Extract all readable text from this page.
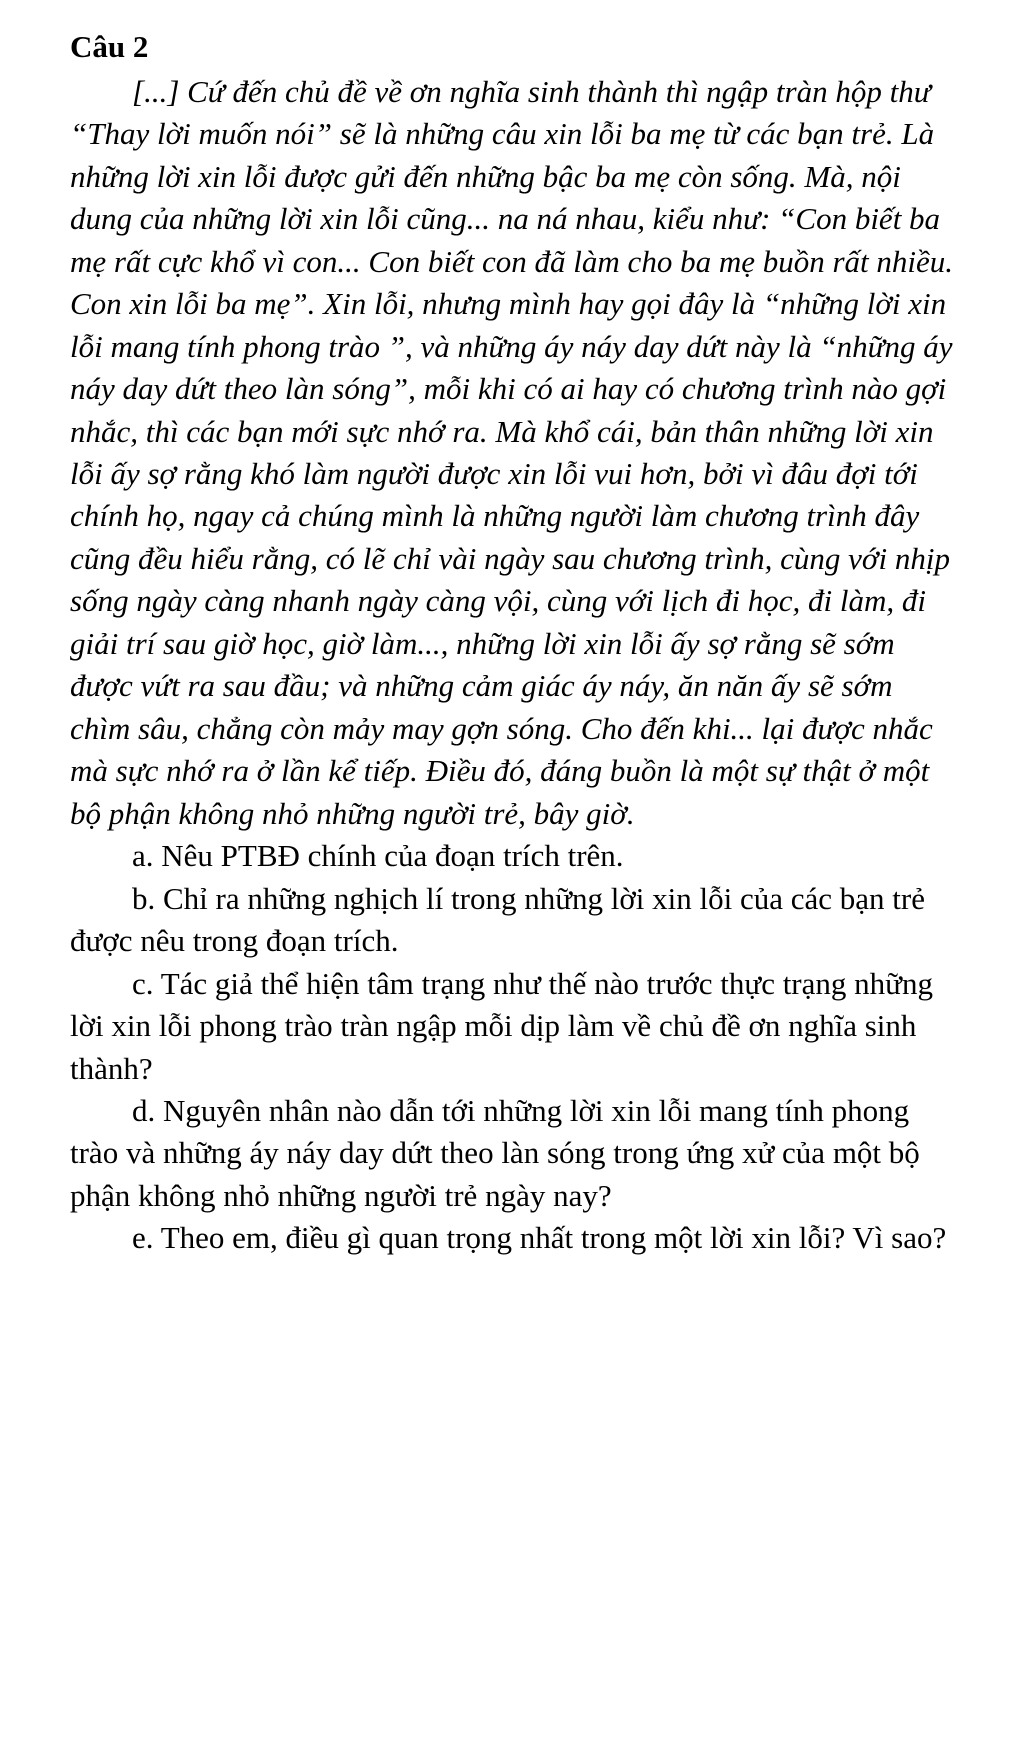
Câu 2

[...] Cứ đến chủ đề về ơn nghĩa sinh thành thì ngập tràn hộp thư “Thay lời muốn nói” sẽ là những câu xin lỗi ba mẹ từ các bạn trẻ. Là những lời xin lỗi được gửi đến những bậc ba mẹ còn sống. Mà, nội dung của những lời xin lỗi cũng... na ná nhau, kiểu như: “Con biết ba mẹ rất cực khổ vì con... Con biết con đã làm cho ba mẹ buồn rất nhiều. Con xin lỗi ba mẹ”. Xin lỗi, nhưng mình hay gọi đây là “những lời xin lỗi mang tính phong trào ”, và những áy náy day dứt này là “những áy náy day dứt theo làn sóng”, mỗi khi có ai hay có chương trình nào gợi nhắc, thì các bạn mới sực nhớ ra. Mà khổ cái, bản thân những lời xin lỗi ấy sợ rằng khó làm người được xin lỗi vui hơn, bởi vì đâu đợi tới chính họ, ngay cả chúng mình là những người làm chương trình đây cũng đều hiểu rằng, có lẽ chỉ vài ngày sau chương trình, cùng với nhịp sống ngày càng nhanh ngày càng vội, cùng với lịch đi học, đi làm, đi giải trí sau giờ học, giờ làm..., những lời xin lỗi ấy sợ rằng sẽ sớm được vứt ra sau đầu; và những cảm giác áy náy, ăn năn ấy sẽ sớm chìm sâu, chẳng còn mảy may gợn sóng. Cho đến khi... lại được nhắc mà sực nhớ ra ở lần kể tiếp. Điều đó, đáng buồn là một sự thật ở một bộ phận không nhỏ những người trẻ, bây giờ.

a. Nêu PTBĐ chính của đoạn trích trên.

b. Chỉ ra những nghịch lí trong những lời xin lỗi của các bạn trẻ được nêu trong đoạn trích.

c. Tác giả thể hiện tâm trạng như thế nào trước thực trạng những lời xin lỗi phong trào tràn ngập mỗi dịp làm về chủ đề ơn nghĩa sinh thành?

d. Nguyên nhân nào dẫn tới những lời xin lỗi mang tính phong trào và những áy náy day dứt theo làn sóng trong ứng xử của một bộ phận không nhỏ những người trẻ ngày nay?

e. Theo em, điều gì quan trọng nhất trong một lời xin lỗi? Vì sao?
